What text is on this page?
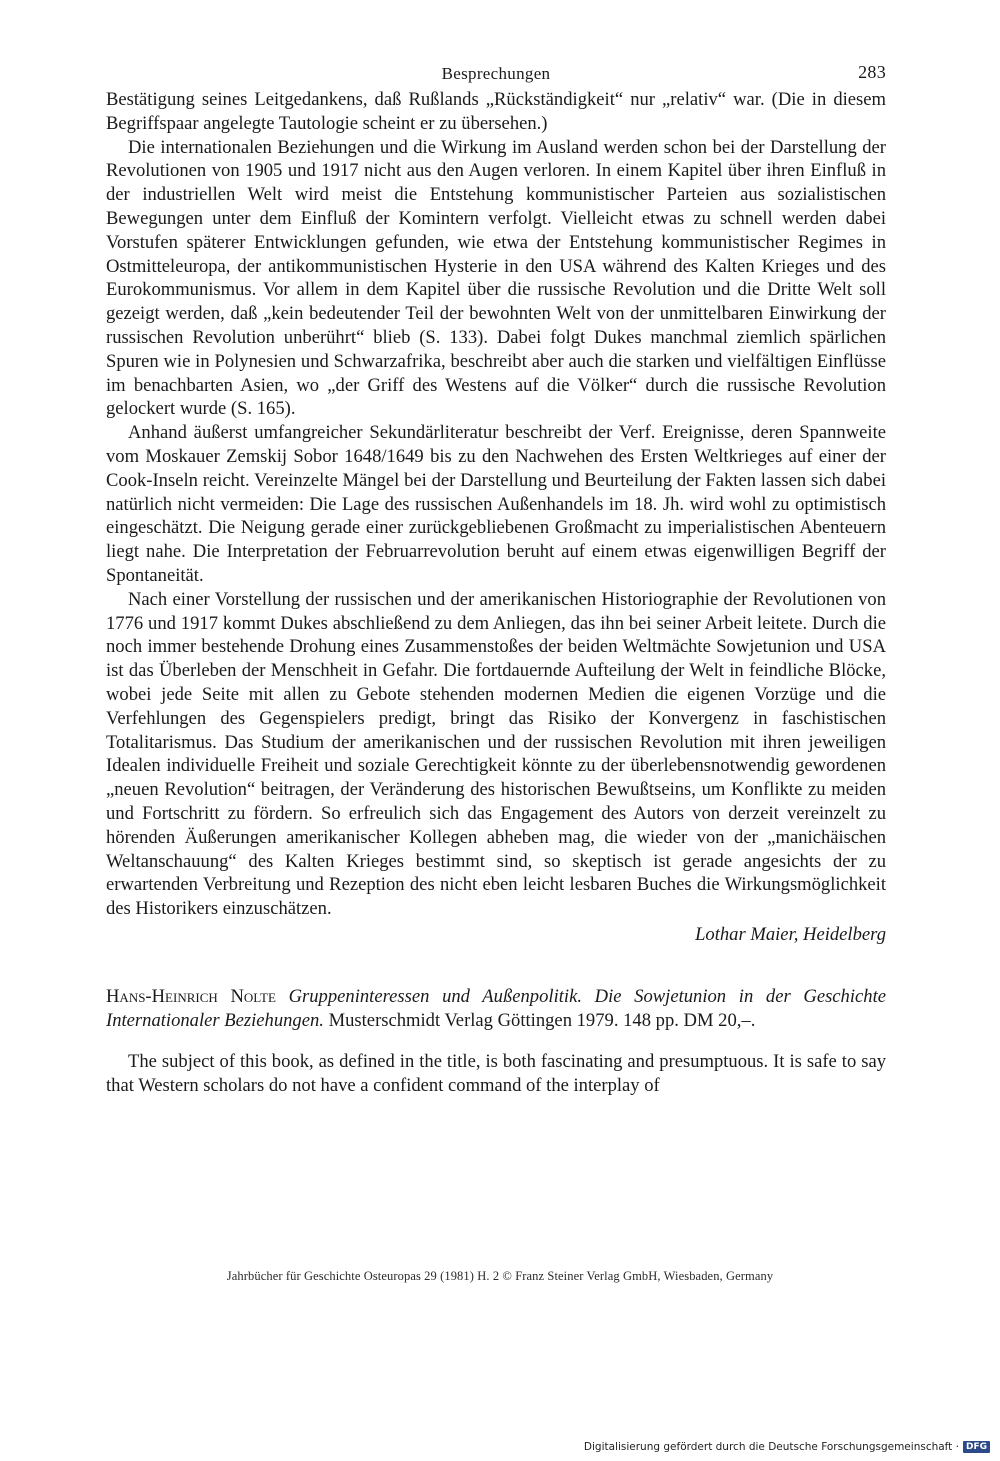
Besprechungen	283

Bestätigung seines Leitgedankens, daß Rußlands „Rückständigkeit“ nur „relativ“ war. (Die in diesem Begriffspaar angelegte Tautologie scheint er zu übersehen.)

Die internationalen Beziehungen und die Wirkung im Ausland werden schon bei der Darstellung der Revolutionen von 1905 und 1917 nicht aus den Augen verloren. In einem Kapitel über ihren Einfluß in der industriellen Welt wird meist die Entstehung kommunistischer Parteien aus sozialistischen Bewegungen unter dem Einfluß der Komintern verfolgt. Vielleicht etwas zu schnell werden dabei Vorstufen späterer Entwicklungen gefunden, wie etwa der Entstehung kommunistischer Regimes in Ostmitteleuropa, der antikommunistischen Hysterie in den USA während des Kalten Krieges und des Eurokommunismus. Vor allem in dem Kapitel über die russische Revolution und die Dritte Welt soll gezeigt werden, daß „kein bedeutender Teil der bewohnten Welt von der unmittelbaren Einwirkung der russischen Revolution unberührt“ blieb (S. 133). Dabei folgt Dukes manchmal ziemlich spärlichen Spuren wie in Polynesien und Schwarzafrika, beschreibt aber auch die starken und vielfältigen Einflüsse im benachbarten Asien, wo „der Griff des Westens auf die Völker“ durch die russische Revolution gelockert wurde (S. 165).

Anhand äußerst umfangreicher Sekundärliteratur beschreibt der Verf. Ereignisse, deren Spannweite vom Moskauer Zemskij Sobor 1648/1649 bis zu den Nachwehen des Ersten Weltkrieges auf einer der Cook-Inseln reicht. Vereinzelte Mängel bei der Darstellung und Beurteilung der Fakten lassen sich dabei natürlich nicht vermeiden: Die Lage des russischen Außenhandels im 18. Jh. wird wohl zu optimistisch eingeschätzt. Die Neigung gerade einer zurückgebliebenen Großmacht zu imperialistischen Abenteuern liegt nahe. Die Interpretation der Februarrevolution beruht auf einem etwas eigenwilligen Begriff der Spontaneität.

Nach einer Vorstellung der russischen und der amerikanischen Historiographie der Revolutionen von 1776 und 1917 kommt Dukes abschließend zu dem Anliegen, das ihn bei seiner Arbeit leitete. Durch die noch immer bestehende Drohung eines Zusammenstoßes der beiden Weltmächte Sowjetunion und USA ist das Überleben der Menschheit in Gefahr. Die fortdauernde Aufteilung der Welt in feindliche Blöcke, wobei jede Seite mit allen zu Gebote stehenden modernen Medien die eigenen Vorzüge und die Verfehlungen des Gegenspielers predigt, bringt das Risiko der Konvergenz in faschistischen Totalitarismus. Das Studium der amerikanischen und der russischen Revolution mit ihren jeweiligen Idealen individuelle Freiheit und soziale Gerechtigkeit könnte zu der überlebensnotwendig gewordenen „neuen Revolution“ beitragen, der Veränderung des historischen Bewußtseins, um Konflikte zu meiden und Fortschritt zu fördern. So erfreulich sich das Engagement des Autors von derzeit vereinzelt zu hörenden Äußerungen amerikanischer Kollegen abheben mag, die wieder von der „manichäischen Weltanschauung“ des Kalten Krieges bestimmt sind, so skeptisch ist gerade angesichts der zu erwartenden Verbreitung und Rezeption des nicht eben leicht lesbaren Buches die Wirkungsmöglichkeit des Historikers einzuschätzen.

Lothar Maier, Heidelberg
Hans-Heinrich Nolte Gruppeninteressen und Außenpolitik. Die Sowjetunion in der Geschichte Internationaler Beziehungen. Musterschmidt Verlag Göttingen 1979. 148 pp. DM 20,–.

The subject of this book, as defined in the title, is both fascinating and presumptuous. It is safe to say that Western scholars do not have a confident command of the interplay of

Jahrbücher für Geschichte Osteuropas 29 (1981) H. 2 © Franz Steiner Verlag GmbH, Wiesbaden, Germany
Digitalisierung gefördert durch die Deutsche Forschungsgemeinschaft · DFG
